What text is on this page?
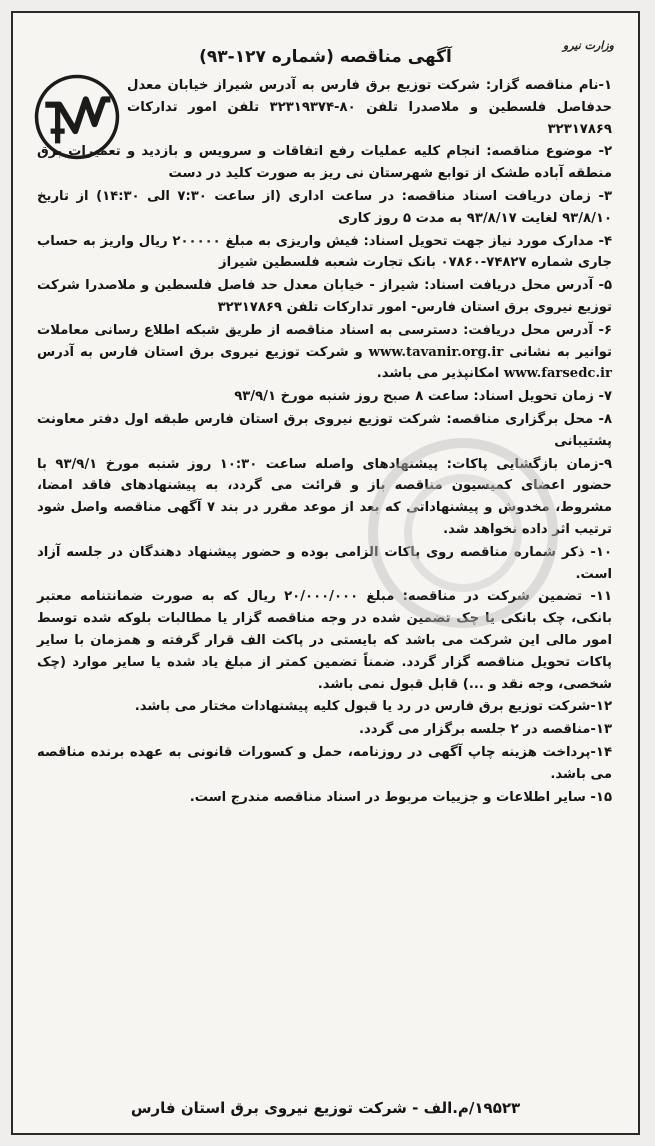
وزارت نیرو
آگهی مناقصه (شماره ۱۲۷-۹۳)

۱-نام مناقصه گزار: شرکت توزیع برق فارس به آدرس شیراز خیابان معدل حدفاصل فلسطین و ملاصدرا تلفن ۸۰-۳۲۳۱۹۳۷۴ تلفن امور تدارکات ۳۲۳۱۷۸۶۹

۲- موضوع مناقصه: انجام کلیه عملیات رفع اتفاقات و سرویس و بازدید و تعمیرات برق منطقه آباده طشک از توابع شهرستان نی ریز به صورت کلید در دست

۳- زمان دریافت اسناد مناقصه: در ساعت اداری (از ساعت ۷:۳۰ الی ۱۴:۳۰) از تاریخ ۹۳/۸/۱۰ لغایت ۹۳/۸/۱۷ به مدت ۵ روز کاری

۴- مدارک مورد نیاز جهت تحویل اسناد: فیش واریزی به مبلغ ۲۰۰۰۰۰ ریال واریز به حساب جاری شماره ۷۴۸۲۷-۰۷۸۶۰ بانک تجارت شعبه فلسطین شیراز

۵- آدرس محل دریافت اسناد: شیراز - خیابان معدل حد فاصل فلسطین و ملاصدرا شرکت توزیع نیروی برق استان فارس- امور تدارکات تلفن ۳۲۳۱۷۸۶۹

۶- آدرس محل دریافت: دسترسی به اسناد مناقصه از طریق شبکه اطلاع رسانی معاملات توانیر به نشانی www.tavanir.org.ir و شرکت توزیع نیروی برق استان فارس به آدرس www.farsedc.ir امکانپذیر می باشد.

۷- زمان تحویل اسناد: ساعت ۸ صبح روز شنبه مورخ ۹۳/۹/۱

۸- محل برگزاری مناقصه: شرکت توزیع نیروی برق استان فارس طبقه اول دفتر معاونت پشتیبانی

۹-زمان بازگشایی پاکات: پیشنهادهای واصله ساعت ۱۰:۳۰ روز شنبه مورخ ۹۳/۹/۱ با حضور اعضای کمیسیون مناقصه باز و قرائت می گردد، به پیشنهادهای فاقد امضا، مشروط، مخدوش و پیشنهاداتی که بعد از موعد مقرر در بند ۷ آگهی مناقصه واصل شود ترتیب اثر داده نخواهد شد.

۱۰- ذکر شماره مناقصه روی پاکات الزامی بوده و حضور پیشنهاد دهندگان در جلسه آزاد است.

۱۱- تضمین شرکت در مناقصه: مبلغ ۲۰/۰۰۰/۰۰۰ ریال که به صورت ضمانتنامه معتبر بانکی، چک بانکی یا چک تضمین شده در وجه مناقصه گزار یا مطالبات بلوکه شده توسط امور مالی این شرکت می باشد که بایستی در پاکت الف قرار گرفته و همزمان با سایر پاکات تحویل مناقصه گزار گردد. ضمناً تضمین کمتر از مبلغ یاد شده یا سایر موارد (چک شخصی، وجه نقد و ...) قابل قبول نمی باشد.

۱۲-شرکت توزیع برق فارس در رد یا قبول کلیه پیشنهادات مختار می باشد.

۱۳-مناقصه در ۲ جلسه برگزار می گردد.

۱۴-پرداخت هزینه چاپ آگهی در روزنامه، حمل و کسورات قانونی به عهده برنده مناقصه می باشد.

۱۵- سایر اطلاعات و جزییات مربوط در اسناد مناقصه مندرج است.

۱۹۵۲۳/م.الف - شرکت توزیع نیروی برق استان فارس
